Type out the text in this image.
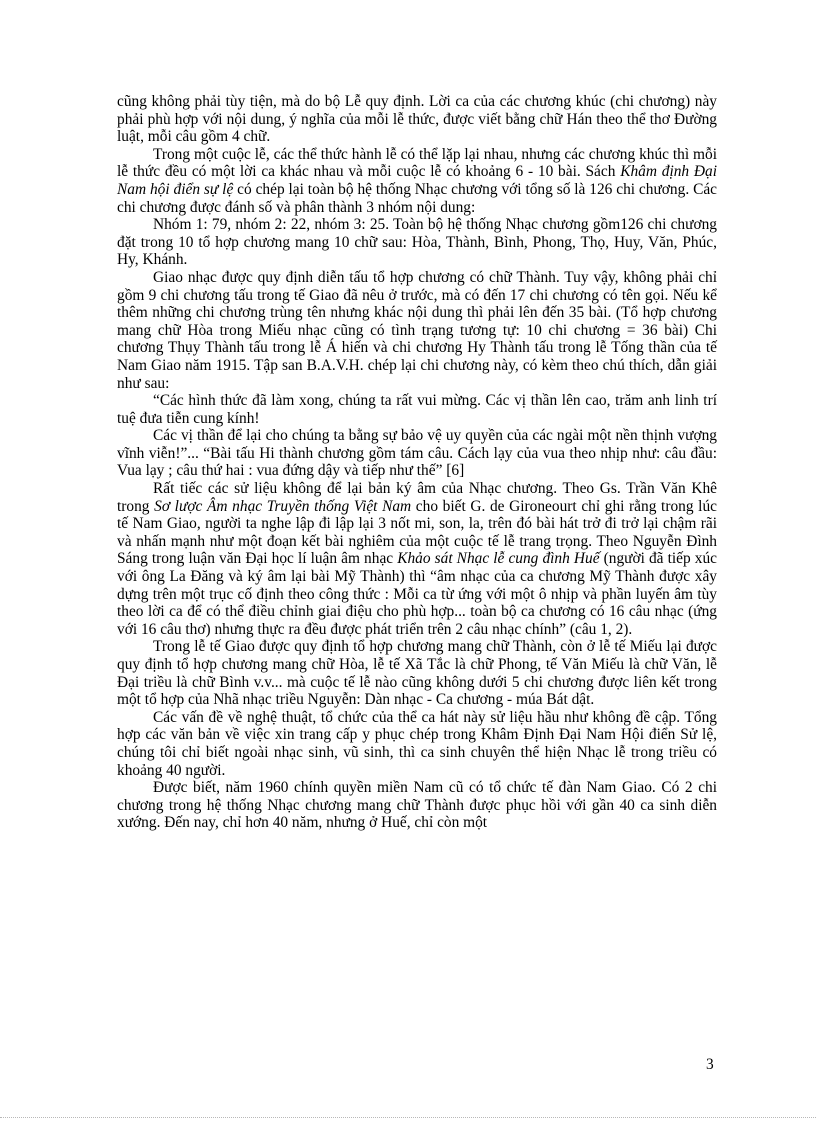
cũng không phải tùy tiện, mà do bộ Lễ quy định. Lời ca của các chương khúc (chi chương) này phải phù hợp với nội dung, ý nghĩa của mỗi lễ thức, được viết bằng chữ Hán theo thể thơ Đường luật, mỗi câu gồm 4 chữ.

Trong một cuộc lễ, các thể thức hành lễ có thể lặp lại nhau, nhưng các chương khúc thì mỗi lễ thức đều có một lời ca khác nhau và mỗi cuộc lễ có khoảng 6 - 10 bài. Sách Khâm định Đại Nam hội điển sự lệ có chép lại toàn bộ hệ thống Nhạc chương với tổng số là 126 chi chương. Các chi chương được đánh số và phân thành 3 nhóm nội dung:

Nhóm 1: 79, nhóm 2: 22, nhóm 3: 25. Toàn bộ hệ thống Nhạc chương gồm126 chi chương đặt trong 10 tổ hợp chương mang 10 chữ sau: Hòa, Thành, Bình, Phong, Thọ, Huy, Văn, Phúc, Hy, Khánh.

Giao nhạc được quy định diễn tấu tổ hợp chương có chữ Thành. Tuy vậy, không phải chỉ gồm 9 chi chương tấu trong tế Giao đã nêu ở trước, mà có đến 17 chi chương có tên gọi. Nếu kể thêm những chi chương trùng tên nhưng khác nội dung thì phải lên đến 35 bài. (Tổ hợp chương mang chữ Hòa trong Miếu nhạc cũng có tình trạng tương tự: 10 chi chương = 36 bài) Chi chương Thụy Thành tấu trong lễ Á hiến và chi chương Hy Thành tấu trong lễ Tống thần của tế Nam Giao năm 1915. Tập san B.A.V.H. chép lại chi chương này, có kèm theo chú thích, dẫn giải như sau:

“Các hình thức đã làm xong, chúng ta rất vui mừng. Các vị thần lên cao, trăm anh linh trí tuệ đưa tiễn cung kính!

Các vị thần để lại cho chúng ta bằng sự bảo vệ uy quyền của các ngài một nền thịnh vượng vĩnh viễn!”... “Bài tấu Hi thành chương gồm tám câu. Cách lạy của vua theo nhịp như: câu đầu: Vua lạy ; câu thứ hai : vua đứng dậy và tiếp như thế” [6]

Rất tiếc các sử liệu không để lại bản ký âm của Nhạc chương. Theo Gs. Trần Văn Khê trong Sơ lược Âm nhạc Truyền thống Việt Nam cho biết G. de Gironeourt chỉ ghi rằng trong lúc tế Nam Giao, người ta nghe lập đi lập lại 3 nốt mi, son, la, trên đó bài hát trở đi trở lại chậm rãi và nhấn mạnh như một đoạn kết bài nghiêm của một cuộc tế lễ trang trọng. Theo Nguyễn Đình Sáng trong luận văn Đại học lí luận âm nhạc Khảo sát Nhạc lễ cung đình Huế (người đã tiếp xúc với ông La Đăng và ký âm lại bài Mỹ Thành) thì “âm nhạc của ca chương Mỹ Thành được xây dựng trên một trục cố định theo công thức : Mỗi ca từ ứng với một ô nhịp và phần luyến âm tùy theo lời ca để có thể điều chỉnh giai điệu cho phù hợp... toàn bộ ca chương có 16 câu nhạc (ứng với 16 câu thơ) nhưng thực ra đều được phát triển trên 2 câu nhạc chính” (câu 1, 2).

Trong lễ tế Giao được quy định tổ hợp chương mang chữ Thành, còn ở lễ tế Miếu lại được quy định tổ hợp chương mang chữ Hòa, lễ tế Xã Tắc là chữ Phong, tế Văn Miếu là chữ Văn, lễ Đại triều là chữ Bình v.v... mà cuộc tế lễ nào cũng không dưới 5 chi chương được liên kết trong một tổ hợp của Nhã nhạc triều Nguyễn: Dàn nhạc - Ca chương - múa Bát dật.

Các vấn đề về nghệ thuật, tổ chức của thể ca hát này sử liệu hầu như không đề cập. Tổng hợp các văn bản về việc xin trang cấp y phục chép trong Khâm Định Đại Nam Hội điển Sử lệ, chúng tôi chỉ biết ngoài nhạc sinh, vũ sinh, thì ca sinh chuyên thể hiện Nhạc lễ trong triều có khoảng 40 người.

Được biết, năm 1960 chính quyền miền Nam cũ có tổ chức tế đàn Nam Giao. Có 2 chi chương trong hệ thống Nhạc chương mang chữ Thành được phục hồi với gần 40 ca sinh diễn xướng. Đến nay, chỉ hơn 40 năm, nhưng ở Huế, chỉ còn một

3
